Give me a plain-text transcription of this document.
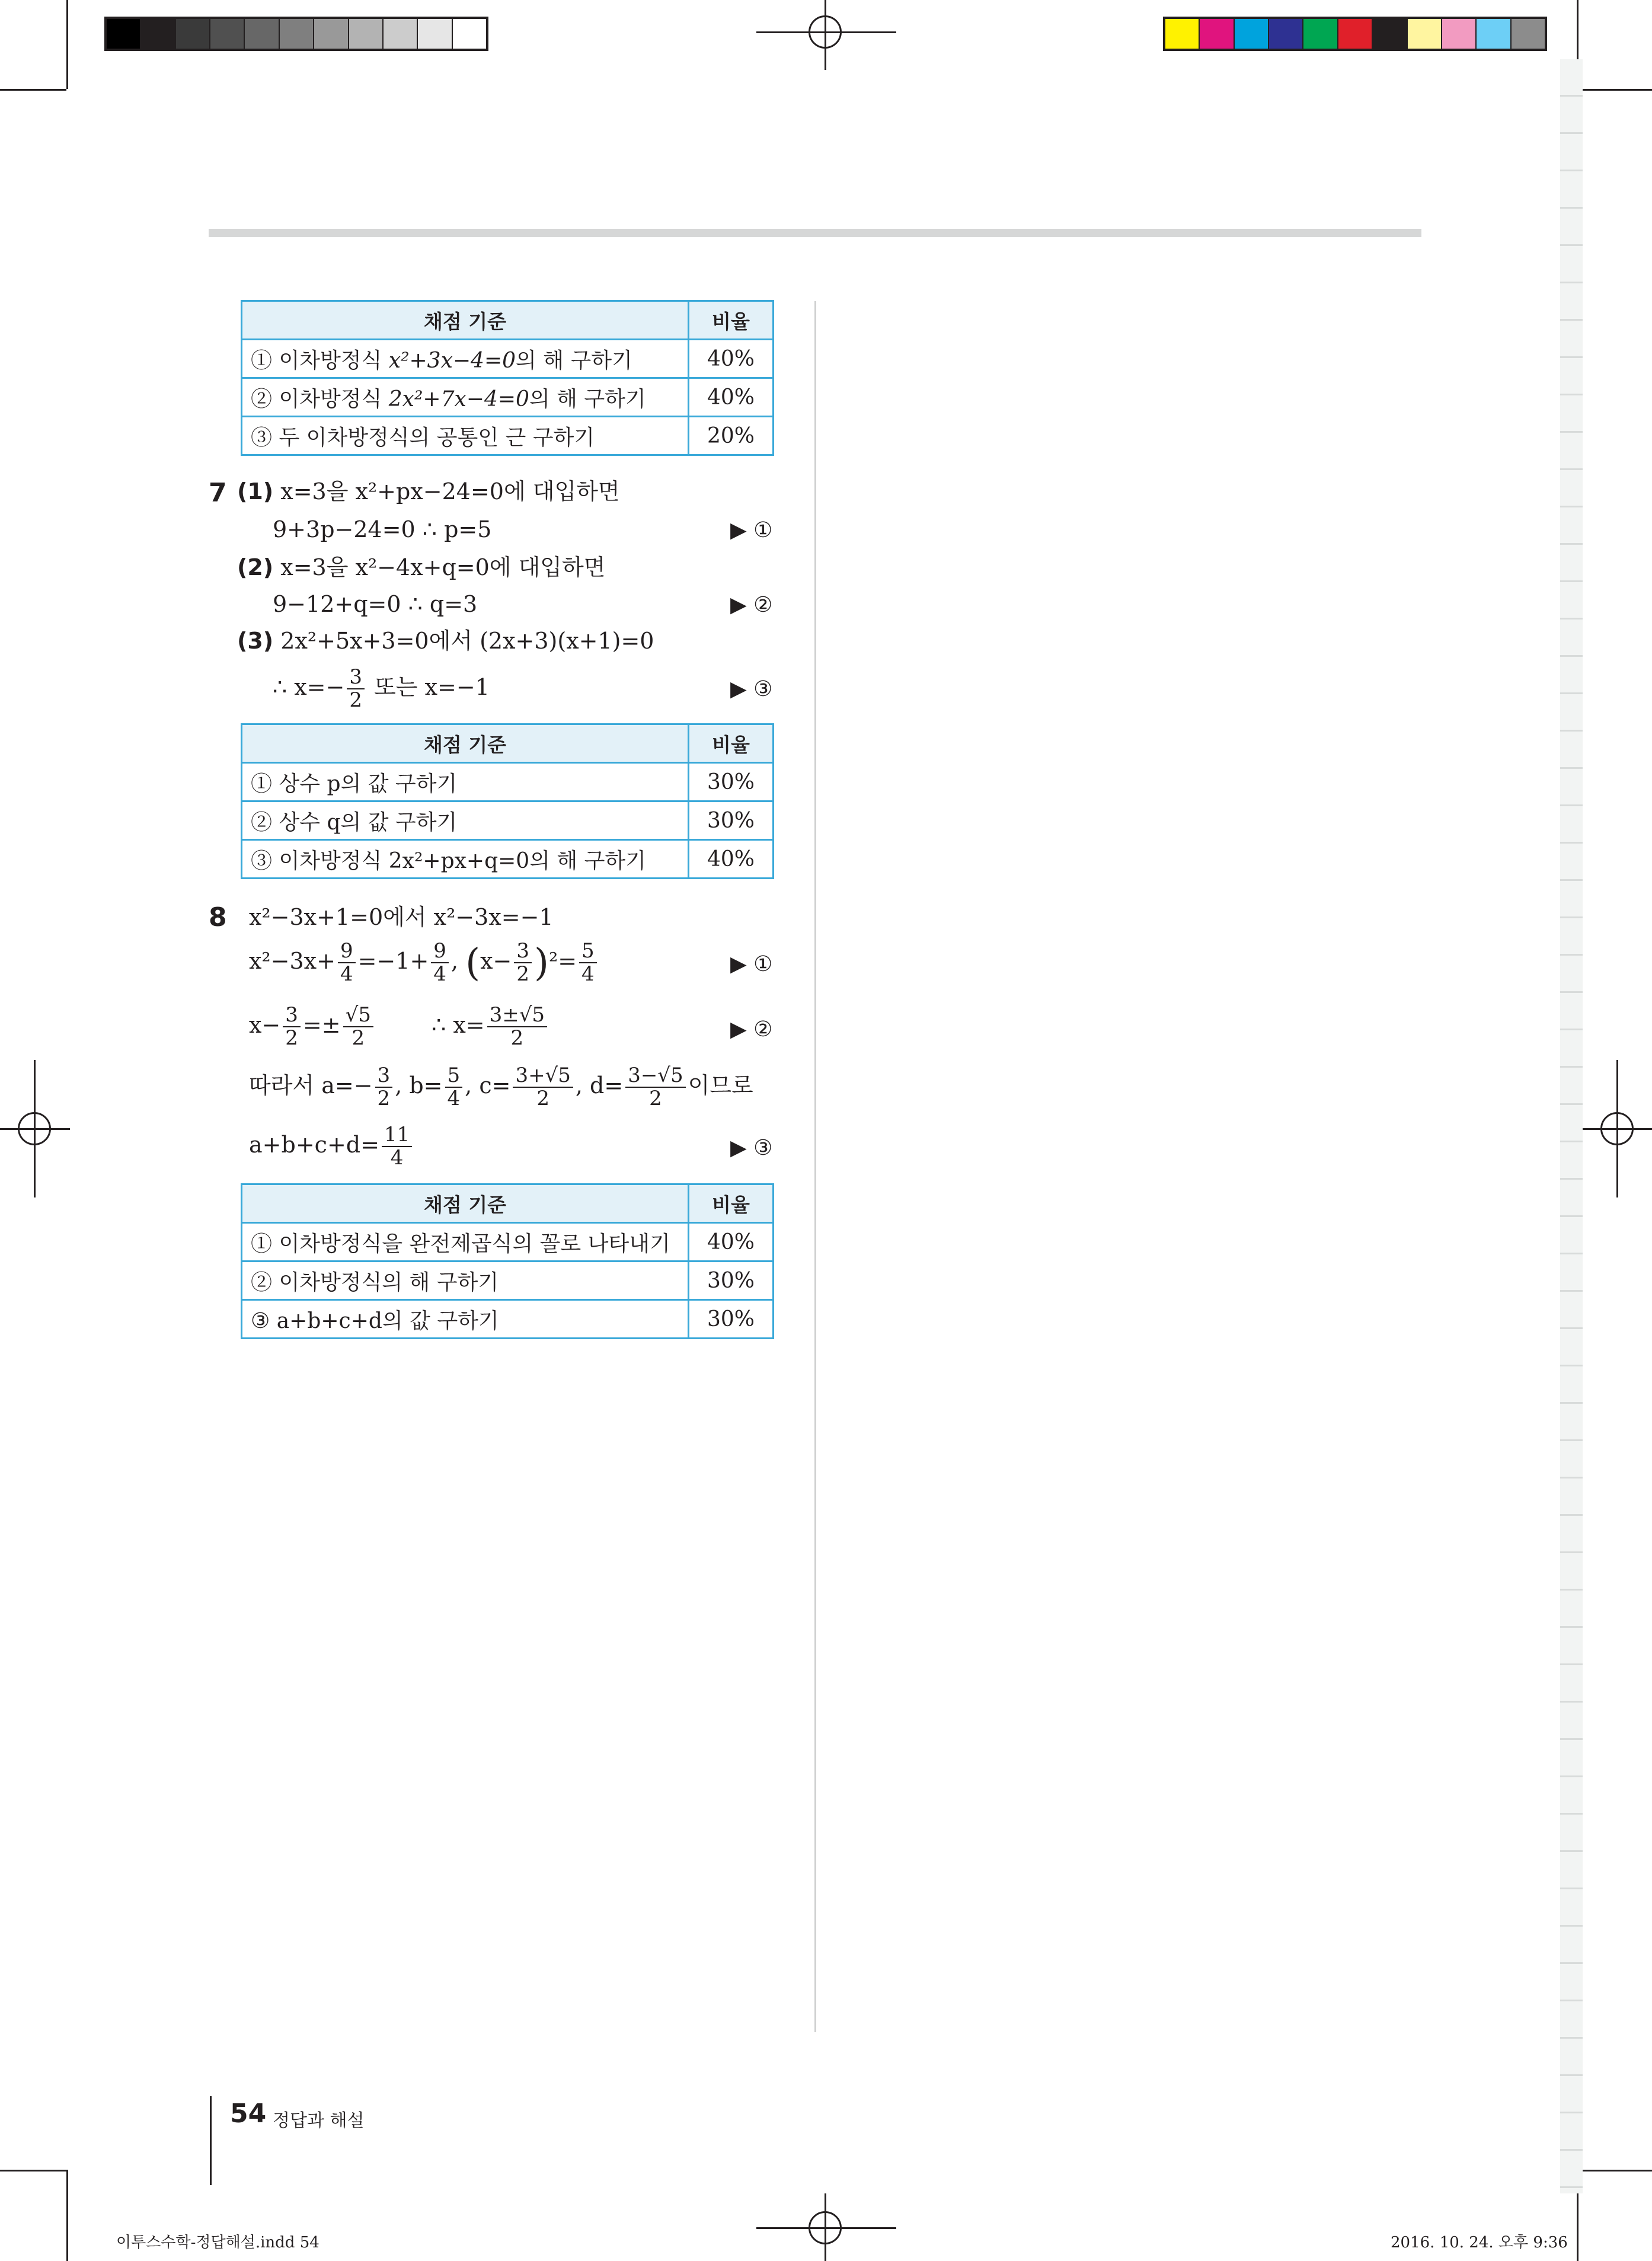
채점 기준	비율
① 이차방정식 x²+3x−4=0의 해 구하기	40%
② 이차방정식 2x²+7x−4=0의 해 구하기	40%
③ 두 이차방정식의 공통인 근 구하기	20%
7 (1) x=3을 x²+px−24=0에 대입하면
9+3p−24=0 ∴ p=5	▶ ①
(2) x=3을 x²−4x+q=0에 대입하면
9−12+q=0 ∴ q=3	▶ ②
(3) 2x²+5x+3=0에서 (2x+3)(x+1)=0
∴ $x=- \frac{3}{2}$ 또는 x=−1	▶ ③
채점 기준	비율
① 상수 p의 값 구하기	30%
② 상수 q의 값 구하기	30%
③ 이차방정식 2x²+px+q=0의 해 구하기	40%
8 x²−3x+1=0에서 x²−3x=−1
$x^2-3x+ \frac{9}{4} =-1+ \frac{9}{4}$ , $(x- \frac{3}{2} )^2= \frac{5}{4}$	▶ ①
$x- \frac{3}{2} =\pm \frac{√5}{2}$	∴ $x= \frac{3\pm√5}{2}$	▶ ②
따라서 $a=- \frac{3}{2}$ , $b= \frac{5}{4}$ , $c= \frac{3+√5}{2}$ , $d= \frac{3-√5}{2}$ 이므로
$a+b+c+d= \frac{11}{4}$	▶ ③
채점 기준	비율
① 이차방정식을 완전제곱식의 꼴로 나타내기	40%
② 이차방정식의 해 구하기	30%
③ a+b+c+d의 값 구하기	30%
54 정답과 해설
이투스수학-정답해설.indd 54	2016. 10. 24. 오후 9:36
